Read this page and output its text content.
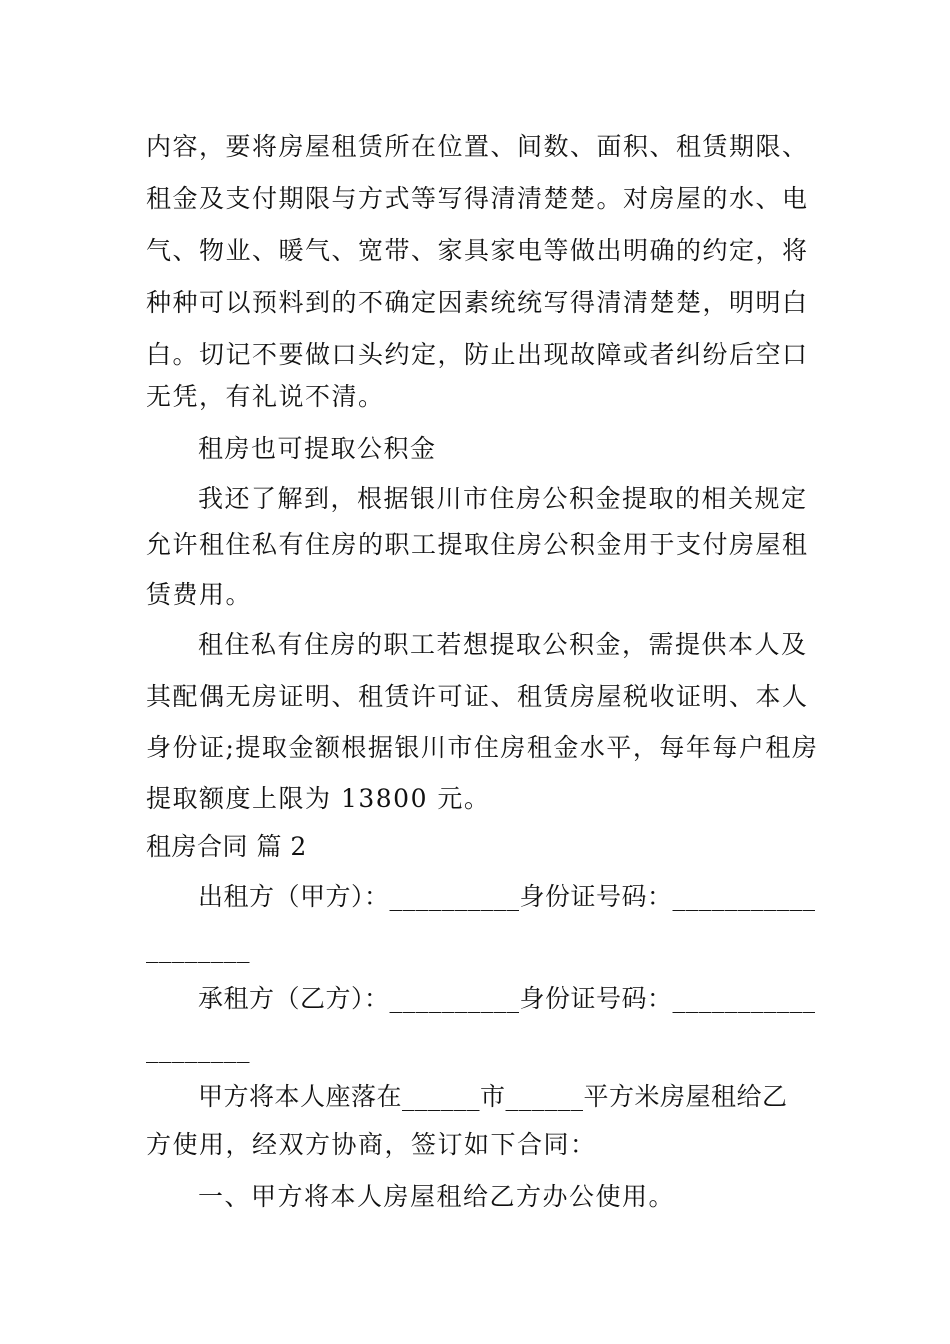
内容，要将房屋租赁所在位置、间数、面积、租赁期限、
租金及支付期限与方式等写得清清楚楚。对房屋的水、电
气、物业、暖气、宽带、家具家电等做出明确的约定，将
种种可以预料到的不确定因素统统写得清清楚楚，明明白
白。切记不要做口头约定，防止出现故障或者纠纷后空口
无凭，有礼说不清。
租房也可提取公积金
我还了解到，根据银川市住房公积金提取的相关规定
允许租住私有住房的职工提取住房公积金用于支付房屋租
赁费用。
租住私有住房的职工若想提取公积金，需提供本人及
其配偶无房证明、租赁许可证、租赁房屋税收证明、本人
身份证;提取金额根据银川市住房租金水平，每年每户租房
提取额度上限为 13800 元。
租房合同 篇 2
出租方（甲方）：__________身份证号码：___________
________
承租方（乙方）：__________身份证号码：___________
________
甲方将本人座落在______市______平方米房屋租给乙
方使用，经双方协商，签订如下合同：
一、甲方将本人房屋租给乙方办公使用。
